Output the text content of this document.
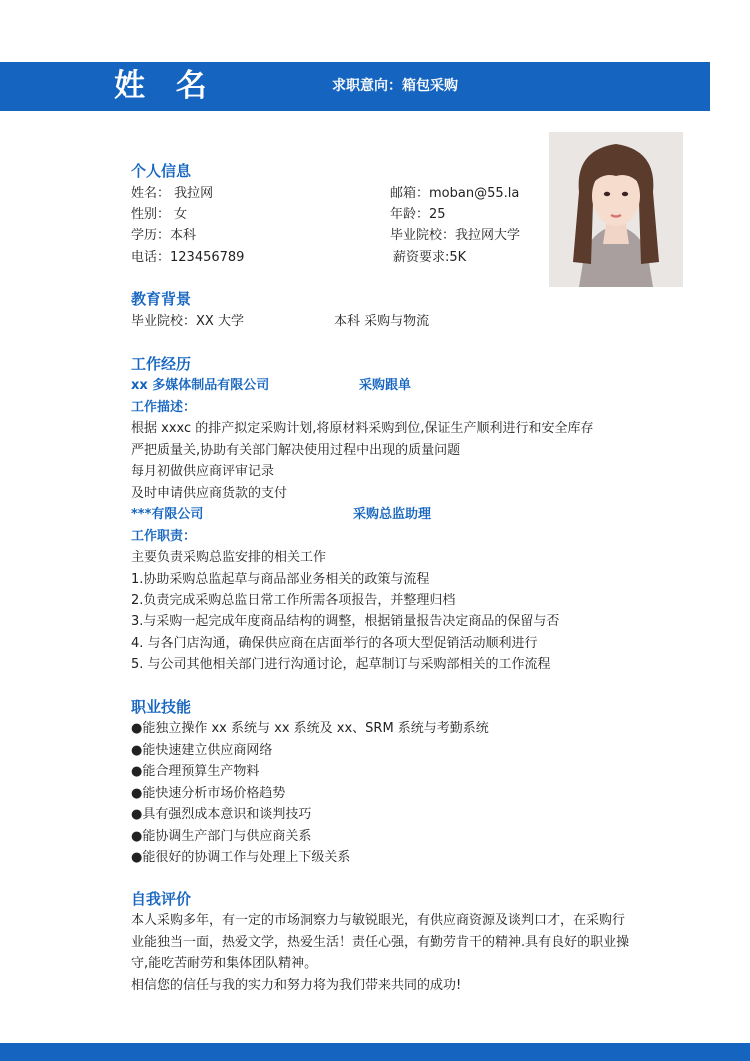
姓 名	求职意向：箱包采购
个人信息
姓名： 我拉网	邮箱：moban@55.la
性别： 女	年龄：25
学历：本科	毕业院校：我拉网大学
电话：123456789	薪资要求:5K
教育背景
毕业院校：XX 大学	本科 采购与物流
工作经历
xx 多媒体制品有限公司	采购跟单
工作描述：
根据 xxxc 的排产拟定采购计划,将原材料采购到位,保证生产顺利进行和安全库存
严把质量关,协助有关部门解决使用过程中出现的质量问题
每月初做供应商评审记录
及时申请供应商货款的支付
***有限公司	采购总监助理
工作职责：
主要负责采购总监安排的相关工作
1.协助采购总监起草与商品部业务相关的政策与流程
2.负责完成采购总监日常工作所需各项报告，并整理归档
3.与采购一起完成年度商品结构的调整，根据销量报告决定商品的保留与否
4. 与各门店沟通，确保供应商在店面举行的各项大型促销活动顺利进行
5. 与公司其他相关部门进行沟通讨论，起草制订与采购部相关的工作流程
职业技能
●能独立操作 xx 系统与 xx 系统及 xx、SRM 系统与考勤系统
●能快速建立供应商网络
●能合理预算生产物料
●能快速分析市场价格趋势
●具有强烈成本意识和谈判技巧
●能协调生产部门与供应商关系
●能很好的协调工作与处理上下级关系
自我评价
本人采购多年，有一定的市场洞察力与敏锐眼光，有供应商资源及谈判口才，在采购行业能独当一面，热爱文学，热爱生活！责任心强，有勤劳肯干的精神.具有良好的职业操守,能吃苦耐劳和集体团队精神。
相信您的信任与我的实力和努力将为我们带来共同的成功!
